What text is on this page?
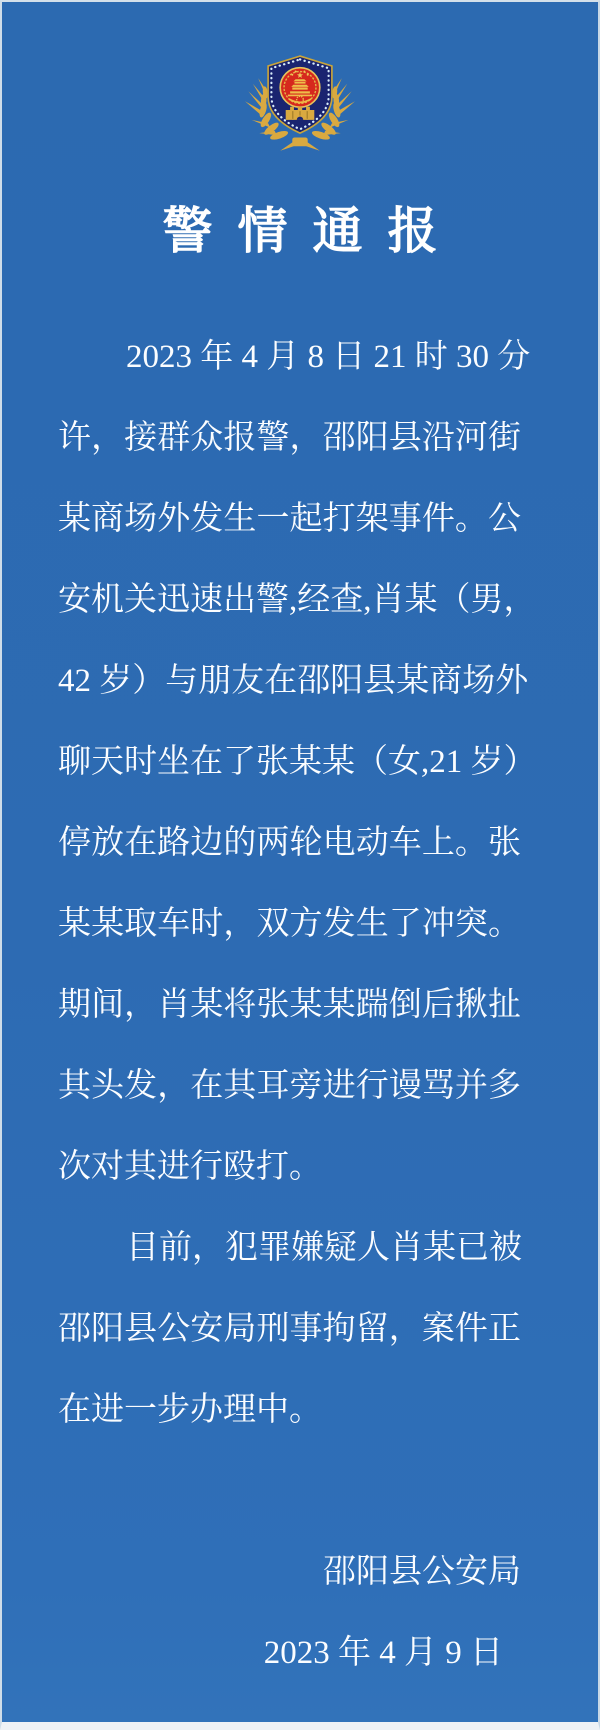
警情通报
2023 年 4 月 8 日 21 时 30 分
许，接群众报警，邵阳县沿河街
某商场外发生一起打架事件。公
安机关迅速出警,经查,肖某（男，
42 岁）与朋友在邵阳县某商场外
聊天时坐在了张某某（女,21 岁）
停放在路边的两轮电动车上。张
某某取车时，双方发生了冲突。
期间，肖某将张某某踹倒后揪扯
其头发，在其耳旁进行谩骂并多
次对其进行殴打。
目前，犯罪嫌疑人肖某已被
邵阳县公安局刑事拘留，案件正
在进一步办理中。
邵阳县公安局
2023 年 4 月 9 日
